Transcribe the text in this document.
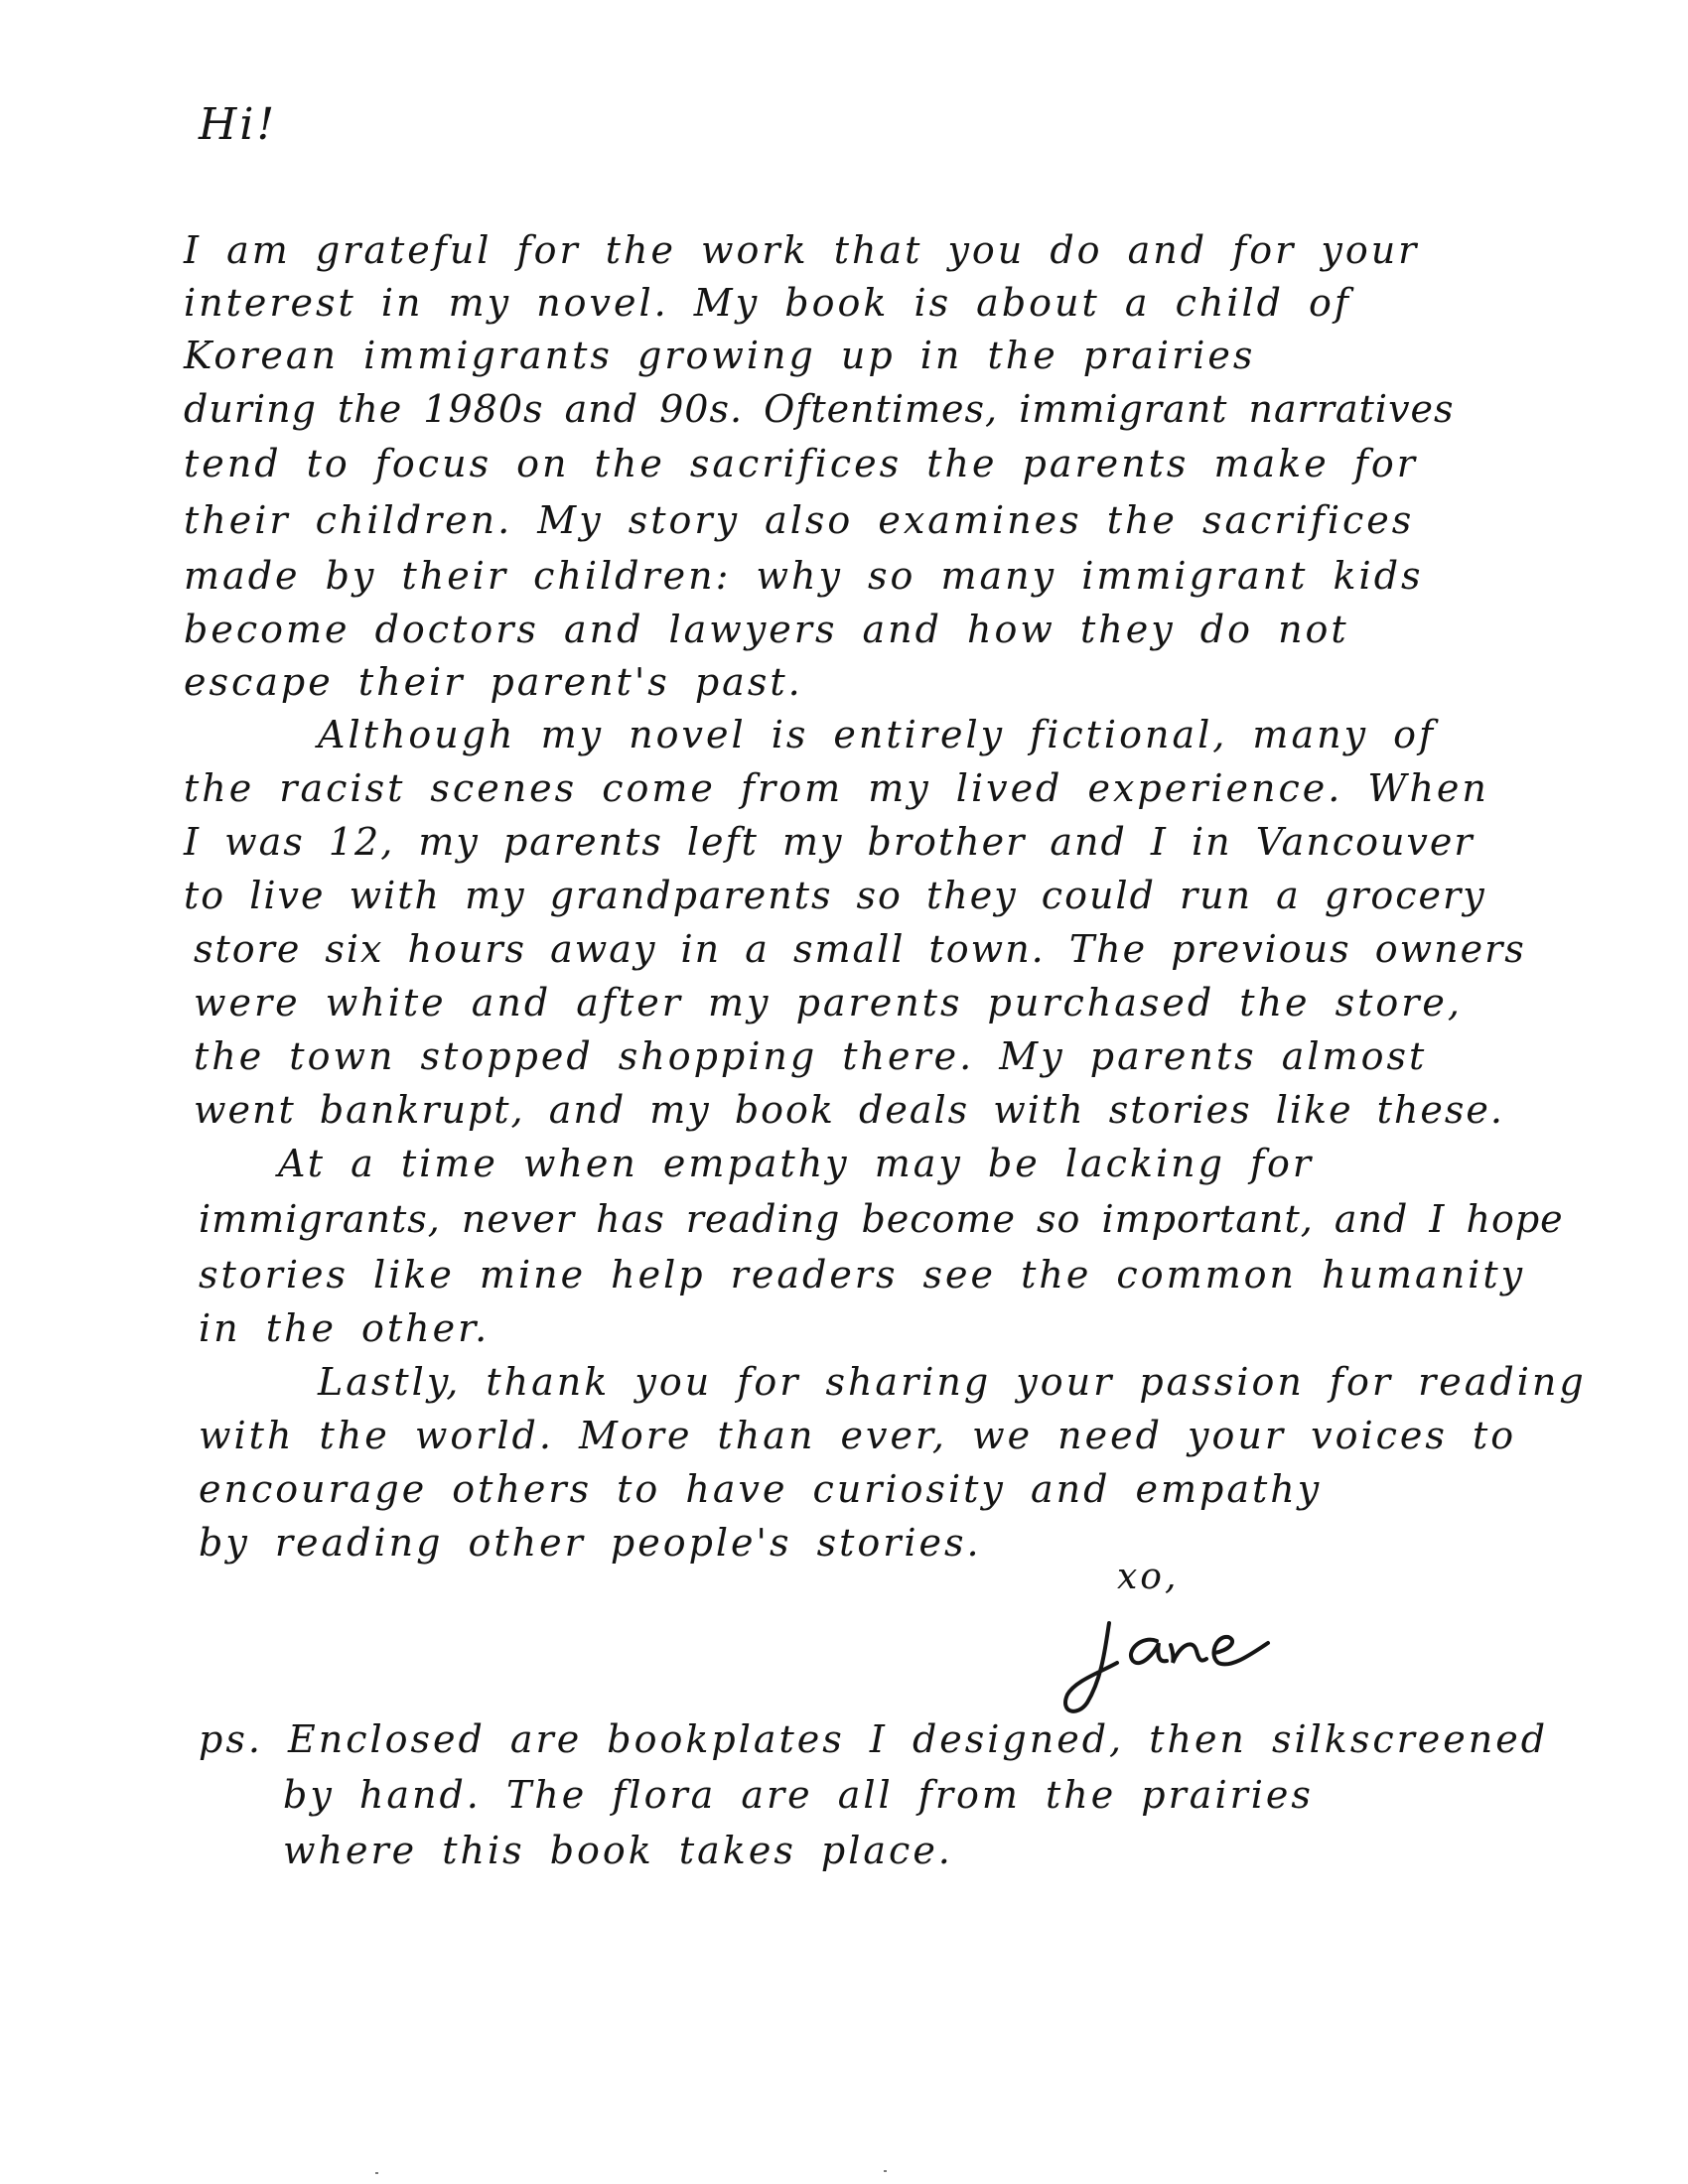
Hi!
I am grateful for the work that you do and for your
interest in my novel. My book is about a child of
Korean immigrants growing up in the prairies
during the 1980s and 90s. Oftentimes, immigrant narratives
tend to focus on the sacrifices the parents make for
their children. My story also examines the sacrifices
made by their children: why so many immigrant kids
become doctors and lawyers and how they do not
escape their parent's past.
Although my novel is entirely fictional, many of
the racist scenes come from my lived experience. When
I was 12, my parents left my brother and I in Vancouver
to live with my grandparents so they could run a grocery
store six hours away in a small town. The previous owners
were white and after my parents purchased the store,
the town stopped shopping there. My parents almost
went bankrupt, and my book deals with stories like these.
At a time when empathy may be lacking for
immigrants, never has reading become so important, and I hope
stories like mine help readers see the common humanity
in the other.
Lastly, thank you for sharing your passion for reading
with the world. More than ever, we need your voices to
encourage others to have curiosity and empathy
by reading other people's stories.
xo,
ps. Enclosed are bookplates I designed, then silkscreened
by hand. The flora are all from the prairies
where this book takes place.
